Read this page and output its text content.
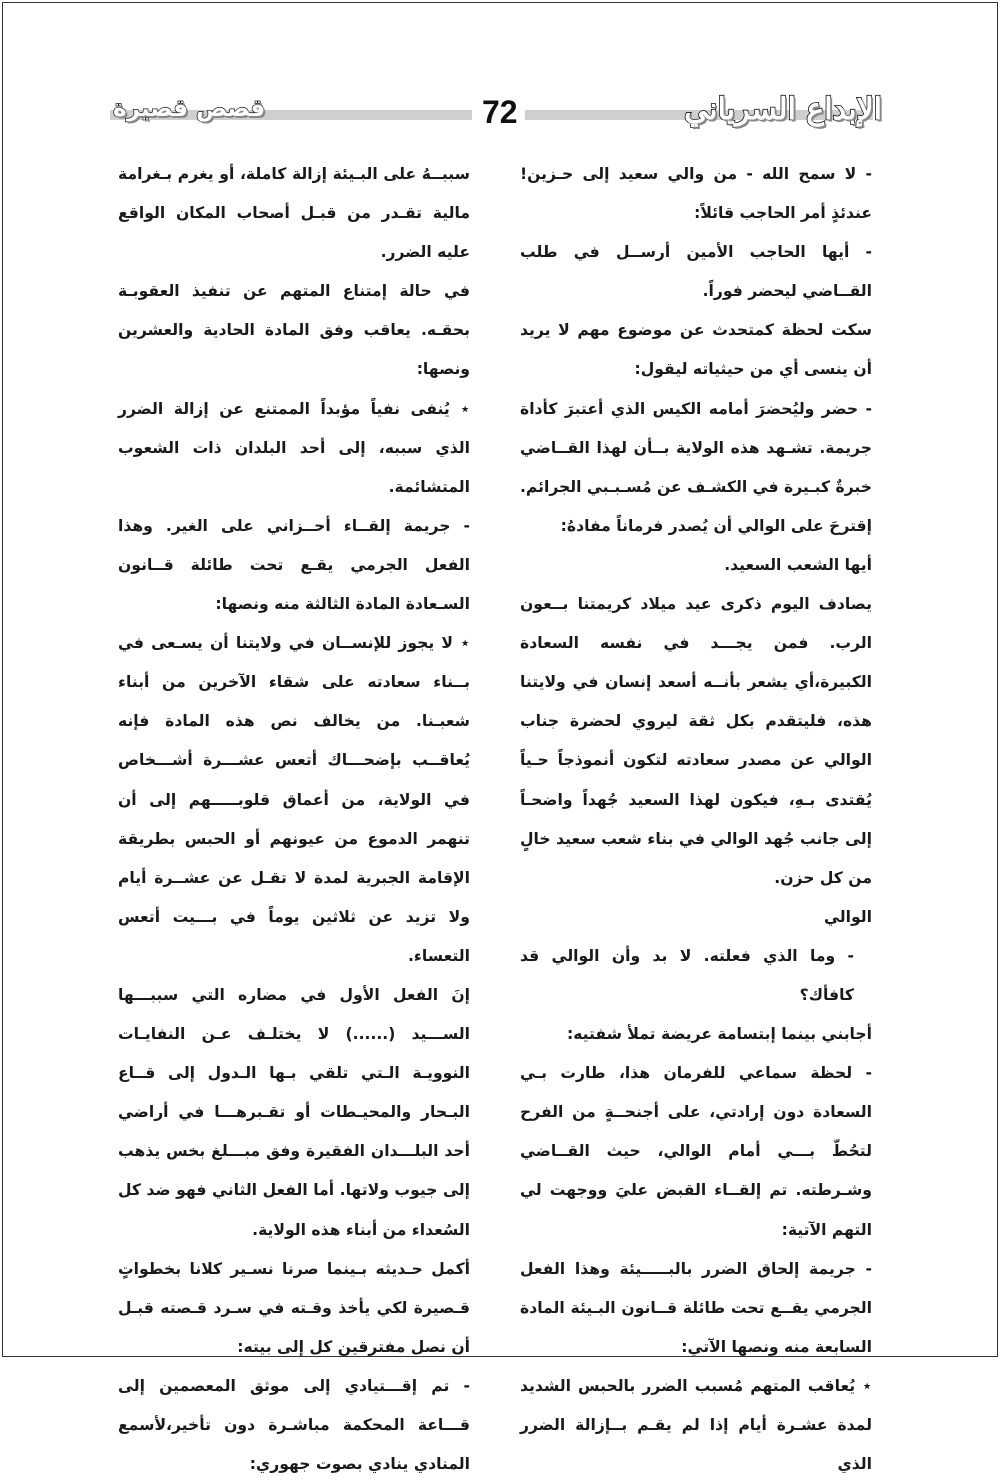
الإبداع السرياني
72
قصص قصيرة

- لا سمح الله - من والي سعيد إلى حـزين! عندئذٍ أمر الحاجب قائلاً:

- أيها الحاجب الأمين أرســل في طلب القــاضي ليحضر فوراً.

سكت لحظة كمتحدث عن موضوع مهم لا يريد أن ينسى أي من حيثياته ليقول:

- حضر وليُحضرَ أمامه الكيس الذي أعتبرَ كأداة جريمة. تشـهد هذه الولاية بــأن لهذا القــاضي خبرةٌ كبـيرة في الكشـف عن مُسـبـبي الجرائم.

إقترحَ على الوالي أن يُصدر فرماناً مفادهُ:

أيها الشعب السعيد.

يصادف اليوم ذكرى عيد ميلاد كريمتنا بــعون الرب. فمن يجـــد في نفسه السعادة الكبيرة،أي يشعر بأنــه أسعد إنسان في ولايتنا هذه، فليتقدم بكل ثقة ليروي لحضرة جناب الوالي عن مصدر سعادته لتكون أنموذجاً حـياً يُقتدى بـهِ، فيكون لهذا السعيد جُهداً واضحـاً إلى جانب جُهد الوالي في بناء شعب سعيد خالٍ من كل حزن.

الوالي

- وما الذي فعلته. لا بد وأن الوالي قد كافأك؟

أجابني بينما إبتسامة عريضة تملأ شفتيه:

- لحظة سماعي للفرمان هذا، طارت بـي السعادة دون إرادتي، على أجنحــةٍ من الفرح لتحُطّ بـــي أمام الوالي، حيث القــاضي وشـرطته. تم إلقــاء القبض عليَ ووجهت لي التهم الآتية:

- جريمة إلحاق الضرر بالبـــــيئة وهذا الفعل الجرمي يقــع تحت طائلة قــانون البـيئة المادة السابعة منه ونصها الآتي:

⋆ يُعاقب المتهم مُسبب الضرر بالحبس الشديد لمدة عشـرة أيام إذا لم يقـم بــإزالة الضرر الذي

سببــهُ على البـيئة إزالة كاملة، أو يغرم بـغرامة مالية تقـدر من قبـل أصحاب المكان الواقع عليه الضرر.

في حالة إمتناع المتهم عن تنفيذ العقوبـة بحقـه. يعاقب وفق المادة الحادية والعشرين ونصها:

⋆ يُنفى نفياً مؤبداً الممتنع عن إزالة الضرر الذي سببه، إلى أحد البلدان ذات الشعوب المتشائمة.

- جريمة إلقــاء أحــزاني على الغير. وهذا الفعل الجرمي يقـع تحت طائلة قــانون السـعادة المادة الثالثة منه ونصها:

⋆ لا يجوز للإنســان في ولايتنا أن يسـعى في بــناء سعادته على شقاء الآخرين من أبناء شعبـنا. من يخالف نص هذه المادة فإنه يُعاقــب بإضحـــاك أتعس عشـــرة أشـــخاص في الولاية، من أعماق قلوبـــــهم إلى أن تنهمر الدموع من عيونهم أو الحبس بطريقة الإقامة الجبرية لمدة لا تقـل عن عشــرة أيام ولا تزيد عن ثلاثين يوماً في بـــيت أتعس التعساء.

إنَ الفعل الأول في مضاره التي سببـــها الســـيد (......) لا يختلـف عـن النفايـات النوويـة الـتي تلقي بـها الـدول إلى قــاع البـحار والمحيـطات أو تقـبرهـــا في أراضي أحد البلـــدان الفقيرة وفق مبـــلغ بخس يذهب إلى جيوب ولاتها. أما الفعل الثاني فهو ضد كل السُعداء من أبناء هذه الولاية.

أكمل حـديثه بـينما صرنا نسـير كلانا بخطواتٍ قـصيرة لكي يأخذ وقـته في سـرد قـصته قبـل أن نصل مفترقين كل إلى بيته:

- تم إقـــتيادي إلى موثق المعصمين إلى قـــاعة المحكمة مباشـرة دون تأخير،لأسمع المنادي ينادي بصوت جهوري:
